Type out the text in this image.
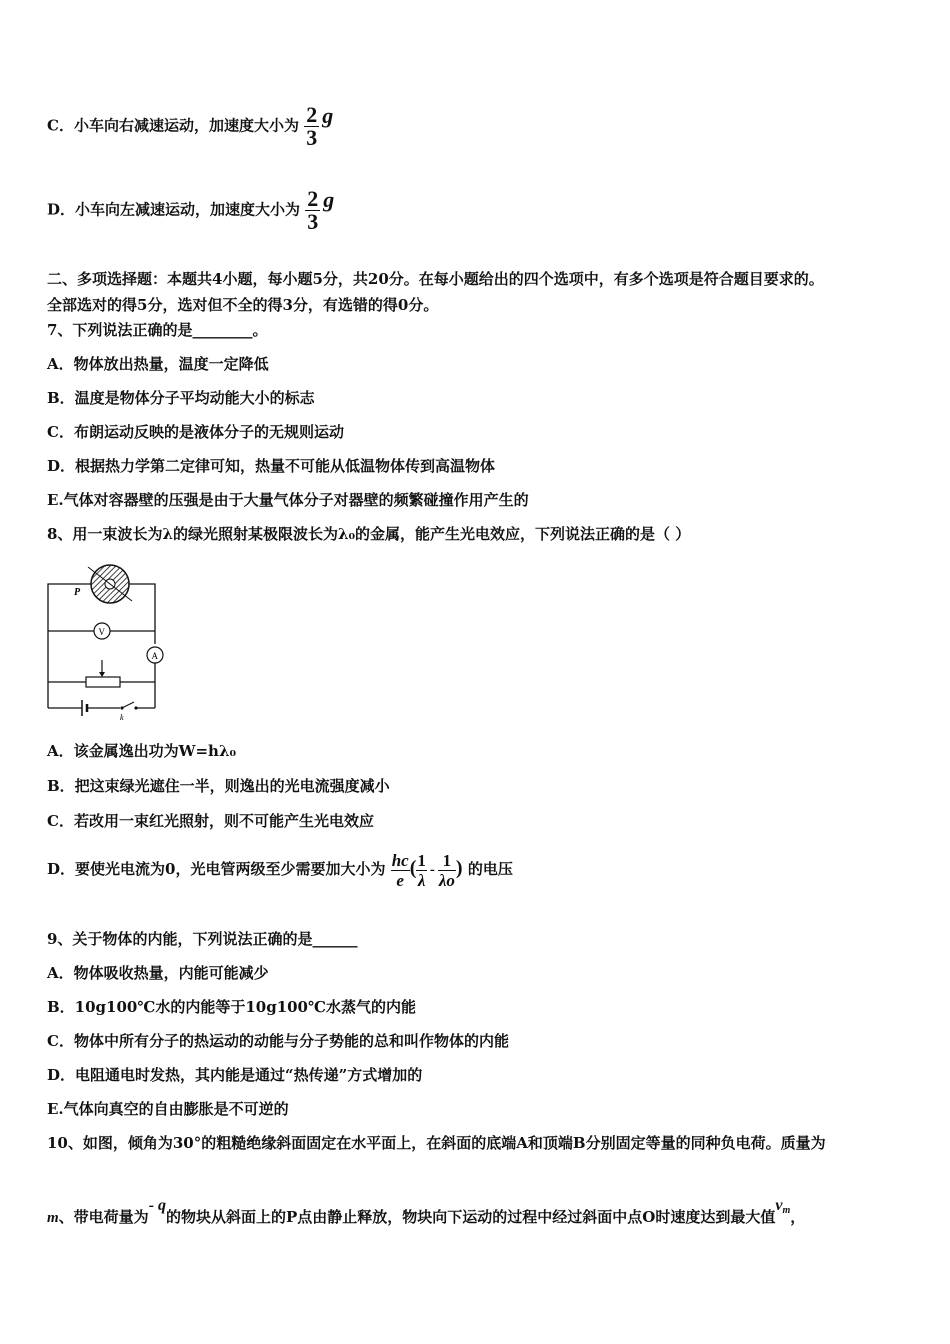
C．小车向右减速运动，加速度大小为 $\frac{2}{3}$ g
D．小车向左减速运动，加速度大小为 $\frac{2}{3}$ g
二、多项选择题：本题共4小题，每小题5分，共20分。在每小题给出的四个选项中，有多个选项是符合题目要求的。
全部选对的得5分，选对但不全的得3分，有选错的得0分。
7、下列说法正确的是________。
A．物体放出热量，温度一定降低
B．温度是物体分子平均动能大小的标志
C．布朗运动反映的是液体分子的无规则运动
D．根据热力学第二定律可知，热量不可能从低温物体传到高温物体
E.气体对容器壁的压强是由于大量气体分子对器壁的频繁碰撞作用产生的
8、用一束波长为λ的绿光照射某极限波长为λ₀的金属，能产生光电效应，下列说法正确的是（ ）
P
V
A
k
A．该金属逸出功为W=hλ₀
B．把这束绿光遮住一半，则逸出的光电流强度减小
C．若改用一束红光照射，则不可能产生光电效应
D．要使光电流为0，光电管两级至少需要加大小为 $\frac{hc}{e}$ ( $\frac{1}{\lambda} - \frac{1}{\lambda o}$ ) 的电压
9、关于物体的内能，下列说法正确的是______
A．物体吸收热量，内能可能减少
B．10g100℃水的内能等于10g100℃水蒸气的内能
C．物体中所有分子的热运动的动能与分子势能的总和叫作物体的内能
D．电阻通电时发热，其内能是通过“热传递”方式增加的
E.气体向真空的自由膨胀是不可逆的
10、如图，倾角为30°的粗糙绝缘斜面固定在水平面上，在斜面的底端A和顶端B分别固定等量的同种负电荷。质量为
m、带电荷量为- q的物块从斜面上的P点由静止释放，物块向下运动的过程中经过斜面中点O时速度达到最大值vm，
